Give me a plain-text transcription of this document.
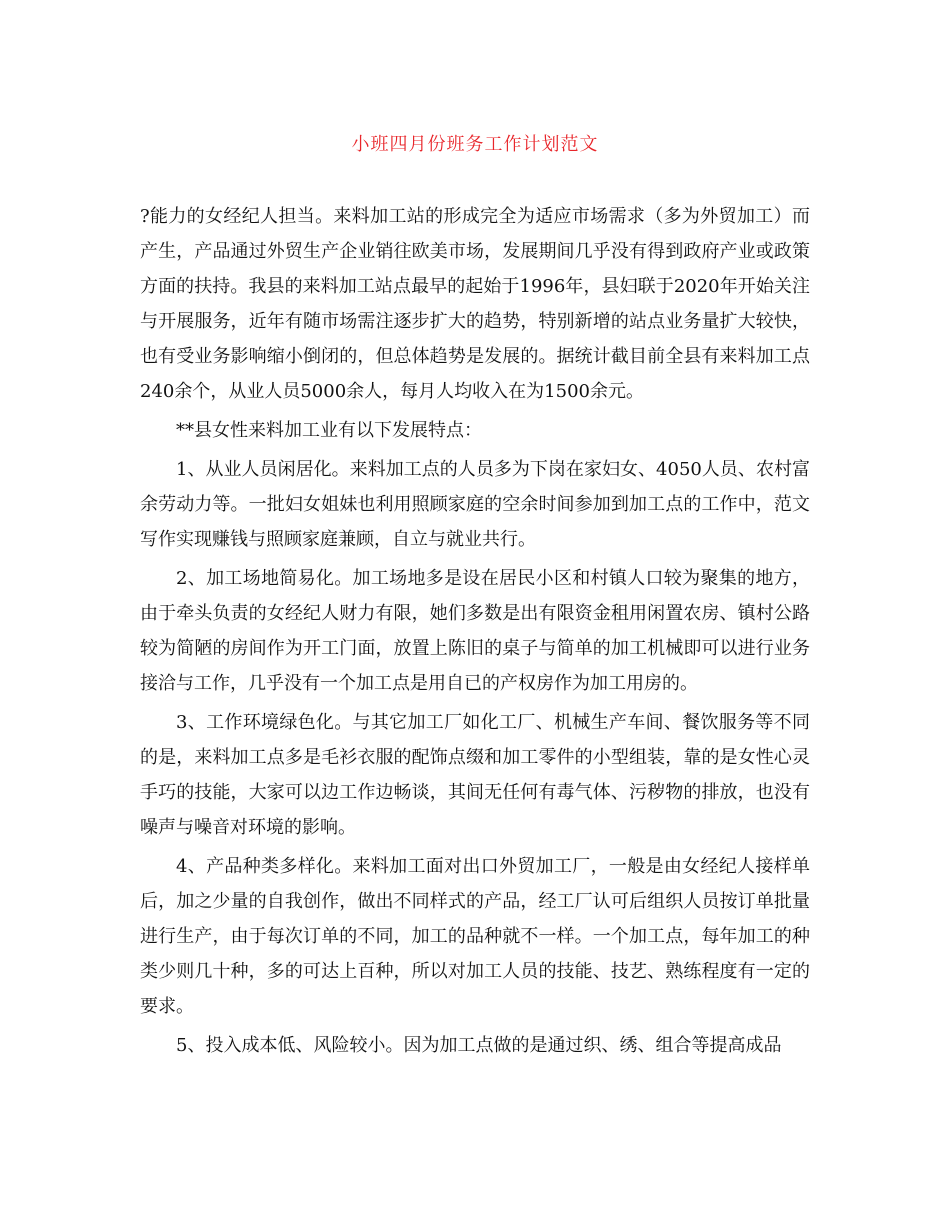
小班四月份班务工作计划范文

?能力的女经纪人担当。来料加工站的形成完全为适应市场需求（多为外贸加工）而产生，产品通过外贸生产企业销往欧美市场，发展期间几乎没有得到政府产业或政策方面的扶持。我县的来料加工站点最早的起始于1996年，县妇联于2020年开始关注与开展服务，近年有随市场需注逐步扩大的趋势，特别新增的站点业务量扩大较快，也有受业务影响缩小倒闭的，但总体趋势是发展的。据统计截目前全县有来料加工点240余个，从业人员5000余人，每月人均收入在为1500余元。

**县女性来料加工业有以下发展特点：

1、从业人员闲居化。来料加工点的人员多为下岗在家妇女、4050人员、农村富余劳动力等。一批妇女姐妹也利用照顾家庭的空余时间参加到加工点的工作中，范文写作实现赚钱与照顾家庭兼顾，自立与就业共行。

2、加工场地简易化。加工场地多是设在居民小区和村镇人口较为聚集的地方，由于牵头负责的女经纪人财力有限，她们多数是出有限资金租用闲置农房、镇村公路较为简陋的房间作为开工门面，放置上陈旧的桌子与简单的加工机械即可以进行业务接洽与工作，几乎没有一个加工点是用自已的产权房作为加工用房的。

3、工作环境绿色化。与其它加工厂如化工厂、机械生产车间、餐饮服务等不同的是，来料加工点多是毛衫衣服的配饰点缀和加工零件的小型组装，靠的是女性心灵手巧的技能，大家可以边工作边畅谈，其间无任何有毒气体、污秽物的排放，也没有噪声与噪音对环境的影响。

4、产品种类多样化。来料加工面对出口外贸加工厂，一般是由女经纪人接样单后，加之少量的自我创作，做出不同样式的产品，经工厂认可后组织人员按订单批量进行生产，由于每次订单的不同，加工的品种就不一样。一个加工点，每年加工的种类少则几十种，多的可达上百种，所以对加工人员的技能、技艺、熟练程度有一定的要求。

5、投入成本低、风险较小。因为加工点做的是通过织、绣、组合等提高成品
